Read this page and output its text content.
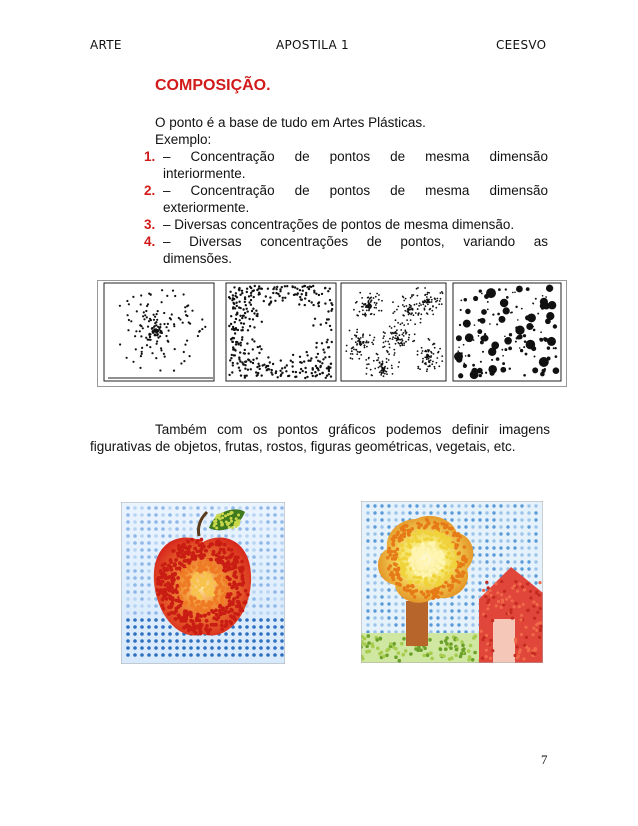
ARTE	APOSTILA 1	CEESVO
COMPOSIÇÃO.
O ponto é a base de tudo em Artes Plásticas.
Exemplo:
1. – Concentração de pontos de mesma dimensão
interiormente.
2. – Concentração de pontos de mesma dimensão
exteriormente.
3. – Diversas concentrações de pontos de mesma dimensão.
4. – Diversas concentrações de pontos, variando as
dimensões.
Também com os pontos gráficos podemos definir imagens
figurativas de objetos, frutas, rostos, figuras geométricas, vegetais, etc.
7
